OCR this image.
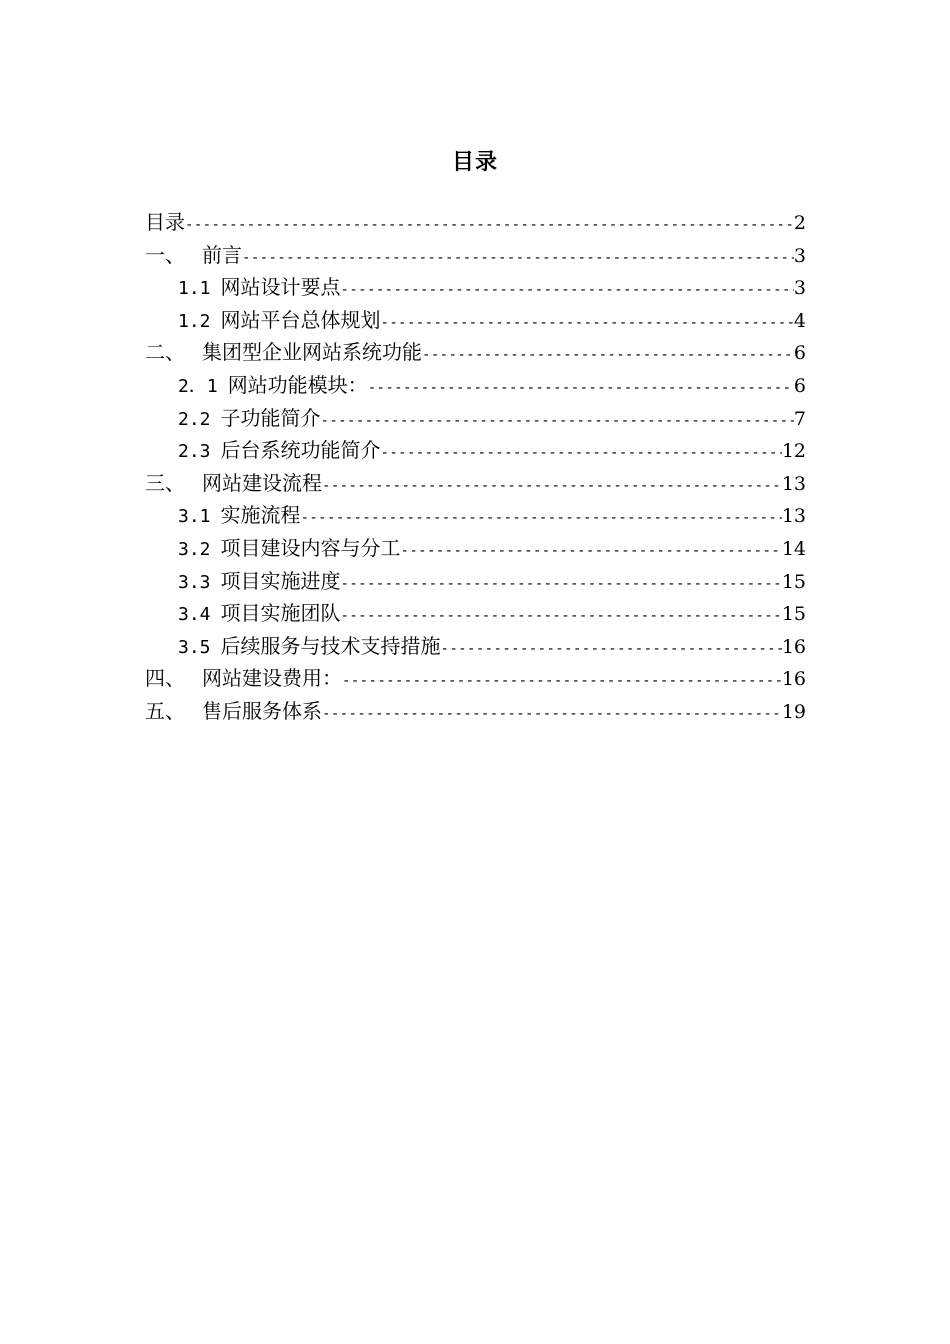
目录
目录 -----	2
一、 前言 -----	3
1.1 网站设计要点 -----	3
1.2 网站平台总体规划 -----	4
二、 集团型企业网站系统功能 -----	6
2．1 网站功能模块： -----	6
2.2 子功能简介 -----	7
2.3 后台系统功能简介 -----	12
三、 网站建设流程 -----	13
3.1 实施流程 -----	13
3.2 项目建设内容与分工 -----	14
3.3 项目实施进度 -----	15
3.4 项目实施团队 -----	15
3.5 后续服务与技术支持措施 -----	16
四、 网站建设费用： -----	16
五、 售后服务体系 -----	19
